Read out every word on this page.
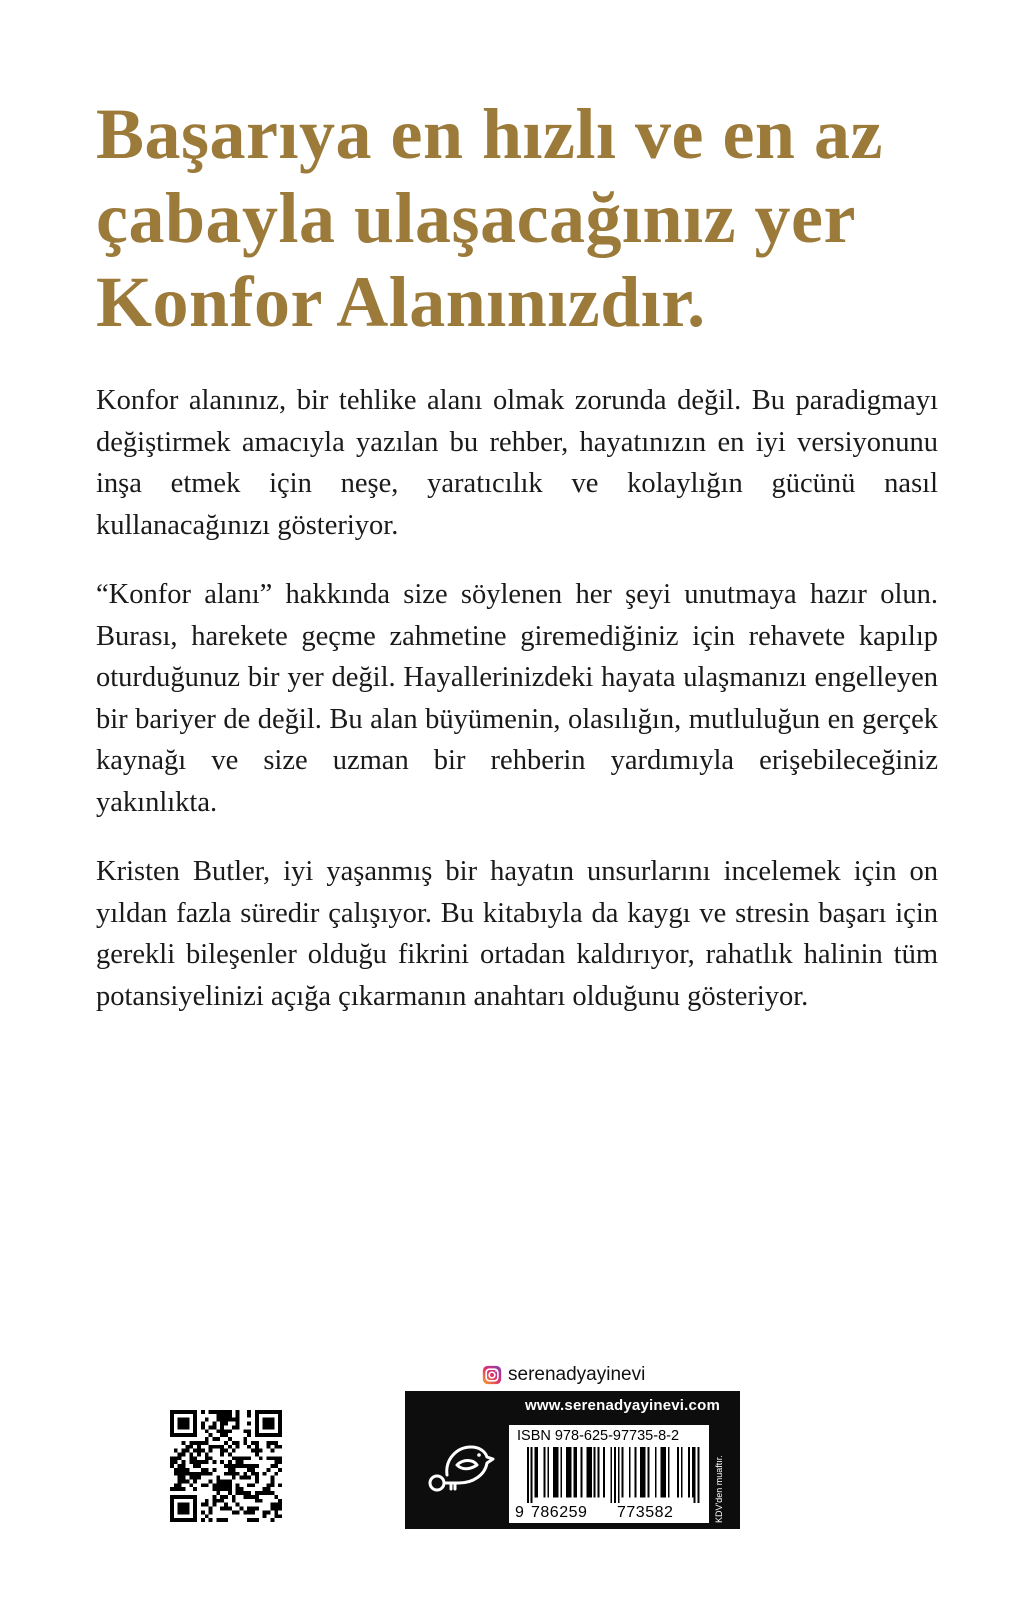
Başarıya en hızlı ve en az
çabayla ulaşacağınız yer
Konfor Alanınızdır.

Konfor alanınız, bir tehlike alanı olmak zorunda değil. Bu paradigmayı değiştirmek amacıyla yazılan bu rehber, hayatınızın en iyi versiyonunu inşa etmek için neşe, yaratıcılık ve kolaylığın gücünü nasıl kullanacağınızı gösteriyor.

“Konfor alanı” hakkında size söylenen her şeyi unutmaya hazır olun. Burası, harekete geçme zahmetine giremediğiniz için rehavete kapılıp oturduğunuz bir yer değil. Hayallerinizdeki hayata ulaşmanızı engelleyen bir bariyer de değil. Bu alan büyümenin, olasılığın, mutluluğun en gerçek kaynağı ve size uzman bir rehberin yardımıyla erişebileceğiniz yakınlıkta.

Kristen Butler, iyi yaşanmış bir hayatın unsurlarını incelemek için on yıldan fazla süredir çalışıyor. Bu kitabıyla da kaygı ve stresin başarı için gerekli bileşenler olduğu fikrini ortadan kaldırıyor, rahatlık halinin tüm potansiyelinizi açığa çıkarmanın anahtarı olduğunu gösteriyor.

serenadyayinevi
www.serenadyayinevi.com
ISBN 978-625-97735-8-2
9 786259 773582	KDV'den muaftır.
